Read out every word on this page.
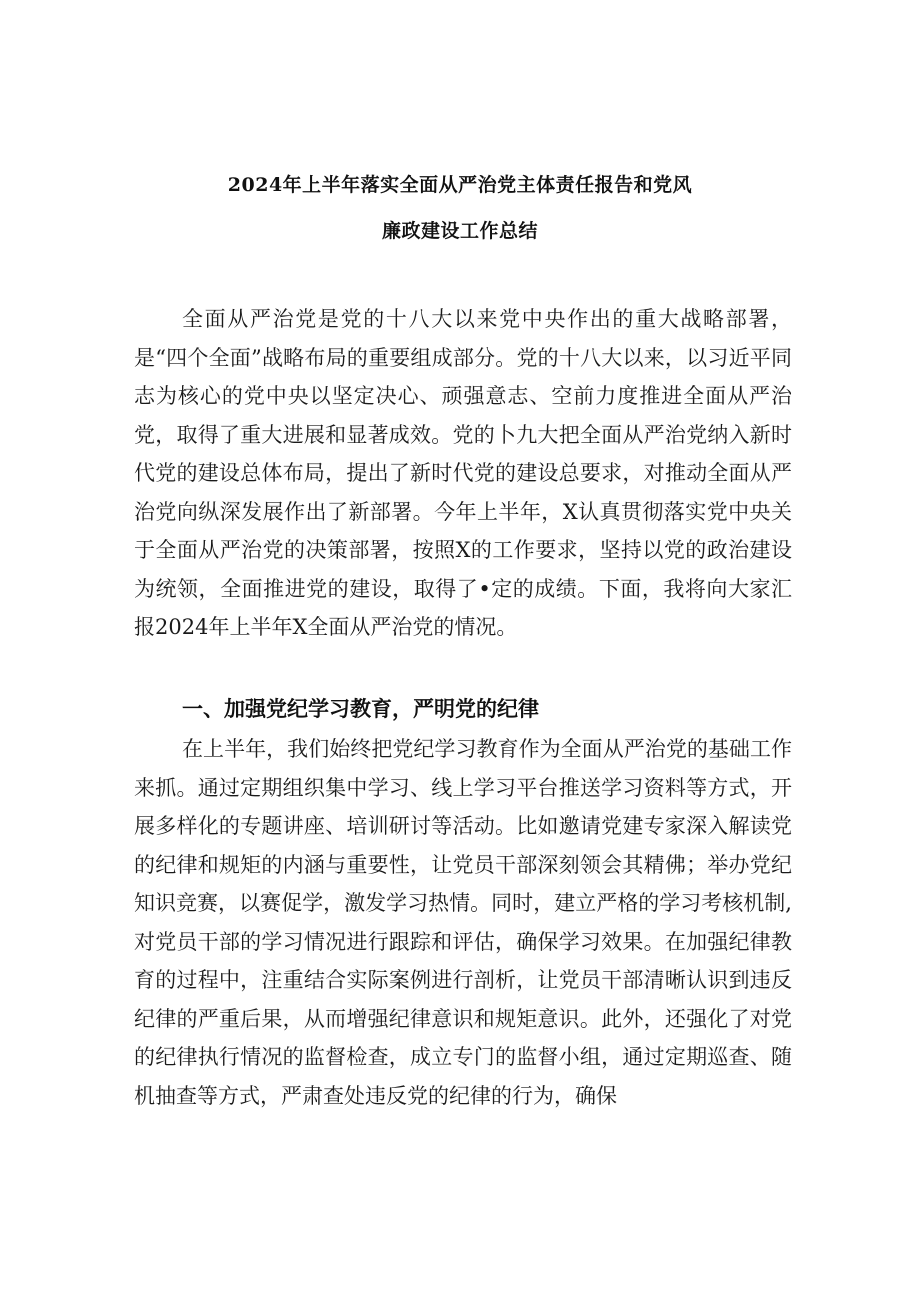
2024年上半年落实全面从严治党主体责任报告和党风
廉政建设工作总结

全面从严治党是党的十八大以来党中央作出的重大战略部署，是“四个全面”战略布局的重要组成部分。党的十八大以来，以习近平同志为核心的党中央以坚定决心、顽强意志、空前力度推进全面从严治党，取得了重大进展和显著成效。党的卜九大把全面从严治党纳入新时代党的建设总体布局，提出了新时代党的建设总要求，对推动全面从严治党向纵深发展作出了新部署。今年上半年，X认真贯彻落实党中央关于全面从严治党的决策部署，按照X的工作要求，坚持以党的政治建设为统领，全面推进党的建设，取得了•定的成绩。下面，我将向大家汇报2024年上半年X全面从严治党的情况。

一、加强党纪学习教育，严明党的纪律

在上半年，我们始终把党纪学习教育作为全面从严治党的基础工作来抓。通过定期组织集中学习、线上学习平台推送学习资料等方式，开展多样化的专题讲座、培训研讨等活动。比如邀请党建专家深入解读党的纪律和规矩的内涵与重要性，让党员干部深刻领会其精佛；举办党纪知识竞赛，以赛促学，激发学习热情。同时，建立严格的学习考核机制,对党员干部的学习情况进行跟踪和评估，确保学习效果。在加强纪律教育的过程中，注重结合实际案例进行剖析，让党员干部清晰认识到违反纪律的严重后果，从而增强纪律意识和规矩意识。此外，还强化了对党的纪律执行情况的监督检查，成立专门的监督小组，通过定期巡查、随机抽查等方式，严肃查处违反党的纪律的行为，确保
